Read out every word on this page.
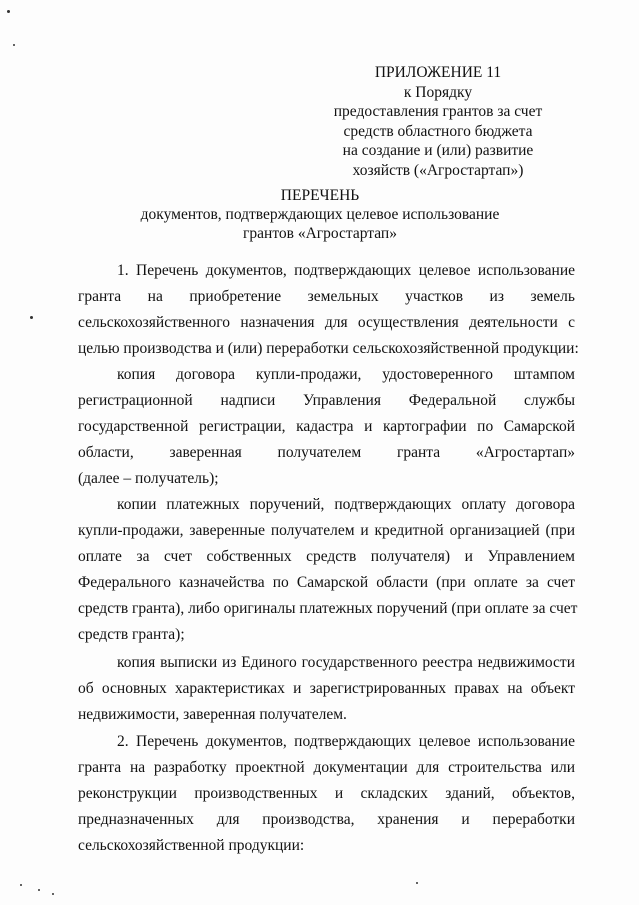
ПРИЛОЖЕНИЕ 11
к Порядку
предоставления грантов за счет
средств областного бюджета
на создание и (или) развитие
хозяйств («Агростартап»)
ПЕРЕЧЕНЬ
документов, подтверждающих целевое использование
грантов «Агростартап»
1. Перечень документов, подтверждающих целевое использование
гранта на приобретение земельных участков из земель
сельскохозяйственного назначения для осуществления деятельности с
целью производства и (или) переработки сельскохозяйственной продукции:
копия договора купли-продажи, удостоверенного штампом
регистрационной надписи Управления Федеральной службы
государственной регистрации, кадастра и картографии по Самарской
области, заверенная получателем гранта «Агростартап»
(далее – получатель);
копии платежных поручений, подтверждающих оплату договора
купли-продажи, заверенные получателем и кредитной организацией (при
оплате за счет собственных средств получателя) и Управлением
Федерального казначейства по Самарской области (при оплате за счет
средств гранта), либо оригиналы платежных поручений (при оплате за счет
средств гранта);
копия выписки из Единого государственного реестра недвижимости
об основных характеристиках и зарегистрированных правах на объект
недвижимости, заверенная получателем.
2. Перечень документов, подтверждающих целевое использование
гранта на разработку проектной документации для строительства или
реконструкции производственных и складских зданий, объектов,
предназначенных для производства, хранения и переработки
сельскохозяйственной продукции:
